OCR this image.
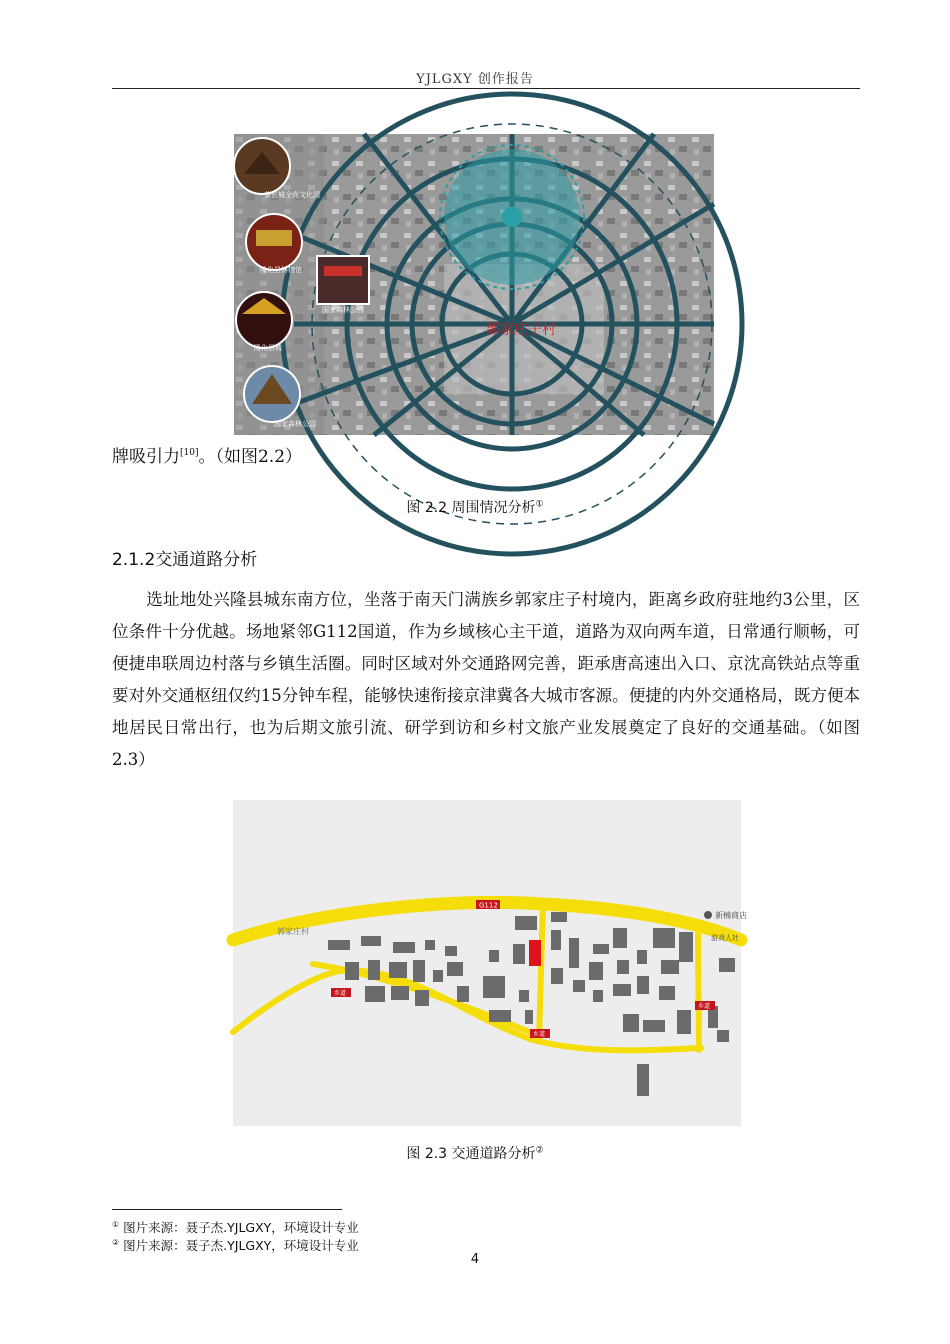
YJLGXY 创作报告
郭家庄子村
茶长城全尚文化园
隆化县博物馆
国家森林公园
隆化县城
国家森林公园
牌吸引力[10]。（如图2.2）
图 2.2 周围情况分析①
2.1.2交通道路分析
选址地处兴隆县城东南方位，坐落于南天门满族乡郭家庄子村境内，距离乡政府驻地约3公里，区位条件十分优越。场地紧邻G112国道，作为乡域核心主干道，道路为双向两车道，日常通行顺畅，可便捷串联周边村落与乡镇生活圈。同时区域对外交通路网完善，距承唐高速出入口、京沈高铁站点等重要对外交通枢纽仅约15分钟车程，能够快速衔接京津冀各大城市客源。便捷的内外交通格局，既方便本地居民日常出行，也为后期文旅引流、研学到访和乡村文旅产业发展奠定了良好的交通基础。（如图2.3）
G112
郭家庄村
新楠商店
游戏人社
乡道
乡道
乡道
图 2.3 交通道路分析②
① 图片来源：聂子杰.YJLGXY，环境设计专业
② 图片来源：聂子杰.YJLGXY，环境设计专业
4
